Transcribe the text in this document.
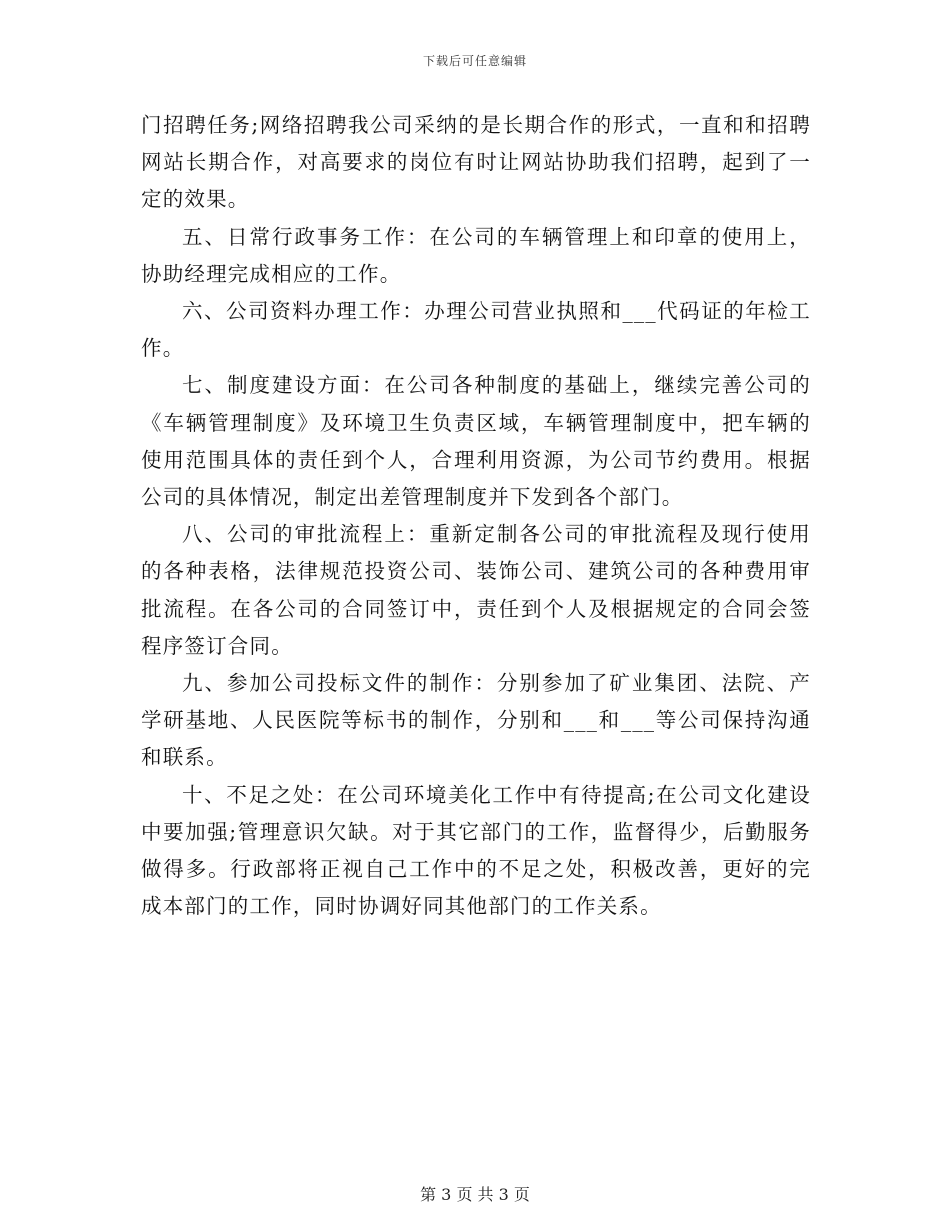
下载后可任意编辑

门招聘任务;网络招聘我公司采纳的是长期合作的形式，一直和和招聘网站长期合作，对高要求的岗位有时让网站协助我们招聘，起到了一定的效果。

五、日常行政事务工作：在公司的车辆管理上和印章的使用上，协助经理完成相应的工作。

六、公司资料办理工作：办理公司营业执照和___代码证的年检工作。

七、制度建设方面：在公司各种制度的基础上，继续完善公司的《车辆管理制度》及环境卫生负责区域，车辆管理制度中，把车辆的使用范围具体的责任到个人，合理利用资源，为公司节约费用。根据公司的具体情况，制定出差管理制度并下发到各个部门。

八、公司的审批流程上：重新定制各公司的审批流程及现行使用的各种表格，法律规范投资公司、装饰公司、建筑公司的各种费用审批流程。在各公司的合同签订中，责任到个人及根据规定的合同会签程序签订合同。

九、参加公司投标文件的制作：分别参加了矿业集团、法院、产学研基地、人民医院等标书的制作，分别和___和___等公司保持沟通和联系。

十、不足之处：在公司环境美化工作中有待提高;在公司文化建设中要加强;管理意识欠缺。对于其它部门的工作，监督得少，后勤服务做得多。行政部将正视自己工作中的不足之处，积极改善，更好的完成本部门的工作，同时协调好同其他部门的工作关系。

第 3 页 共 3 页
